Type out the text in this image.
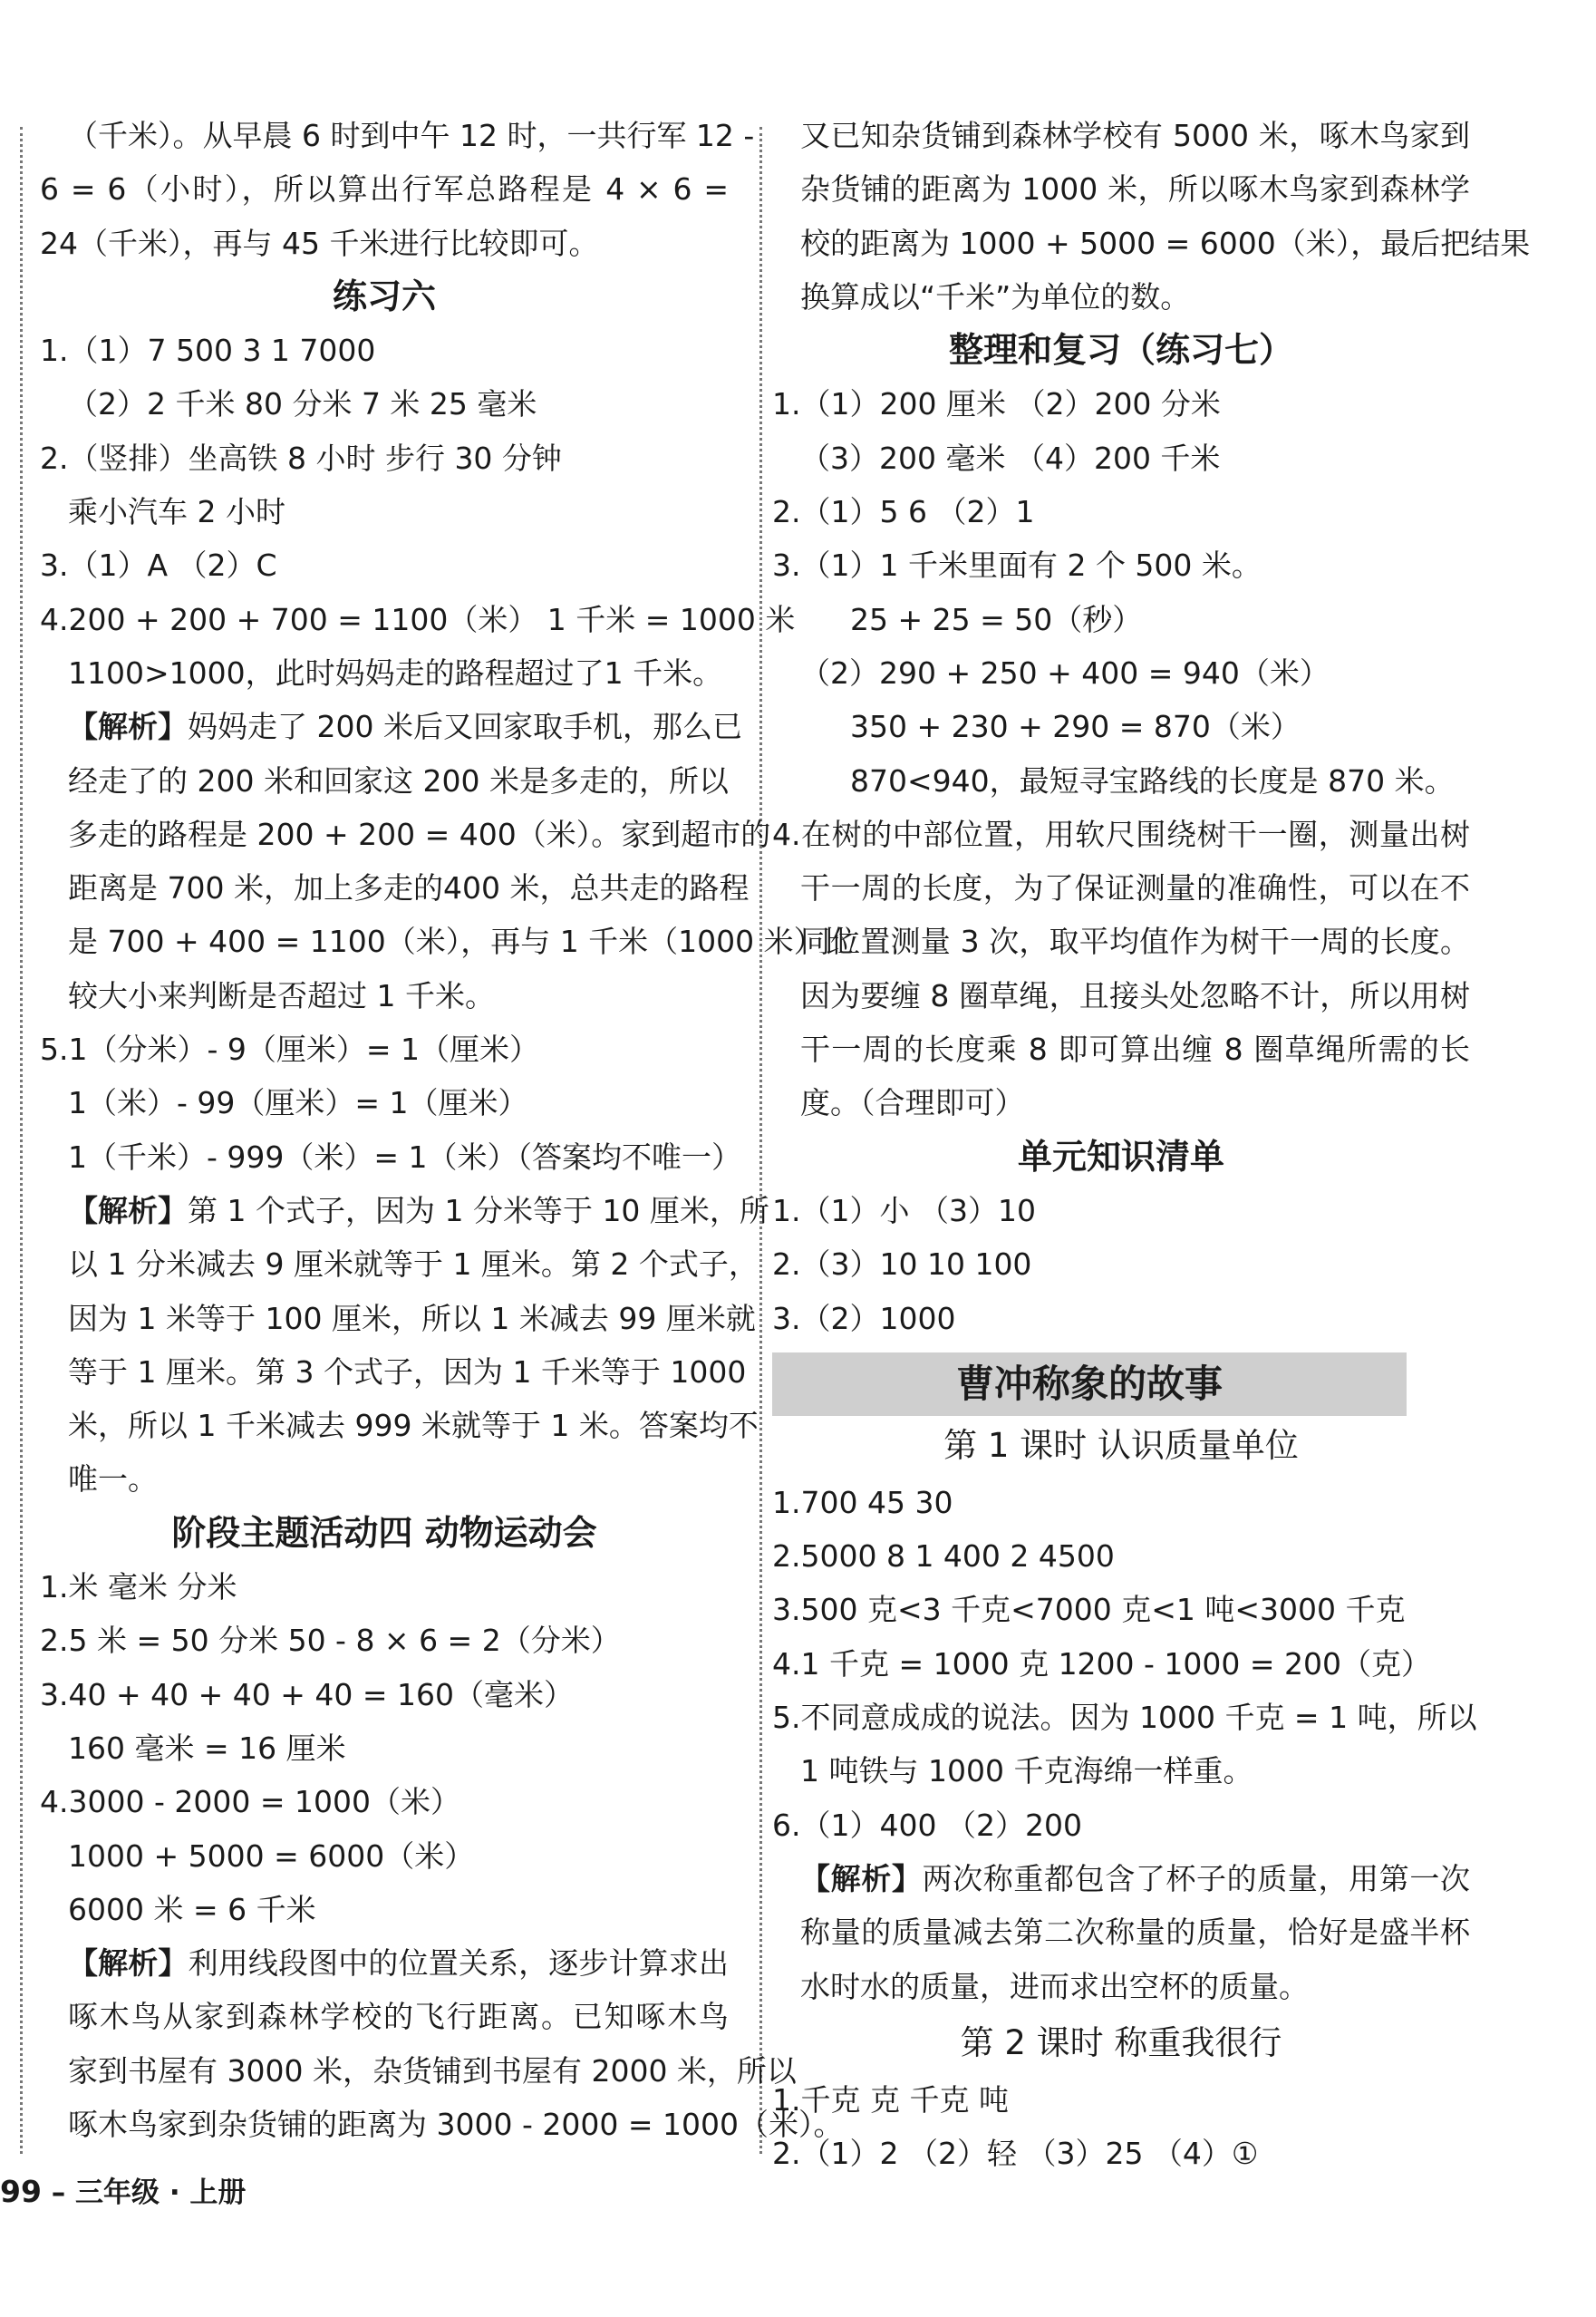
（千米）。从早晨 6 时到中午 12 时，一共行军 12 -
6 = 6（小时），所以算出行军总路程是 4 × 6 =
24（千米），再与 45 千米进行比较即可。
练习六
1.（1）7 500 3 1 7000
（2）2 千米 80 分米 7 米 25 毫米
2.（竖排）坐高铁 8 小时 步行 30 分钟
乘小汽车 2 小时
3.（1）A （2）C
4.200 + 200 + 700 = 1100（米） 1 千米 = 1000 米
1100>1000，此时妈妈走的路程超过了1 千米。
【解析】妈妈走了 200 米后又回家取手机，那么已
经走了的 200 米和回家这 200 米是多走的，所以
多走的路程是 200 + 200 = 400（米）。家到超市的
距离是 700 米，加上多走的400 米，总共走的路程
是 700 + 400 = 1100（米），再与 1 千米（1000 米）比
较大小来判断是否超过 1 千米。
5.1（分米）- 9（厘米）= 1（厘米）
1（米）- 99（厘米）= 1（厘米）
1（千米）- 999（米）= 1（米）（答案均不唯一）
【解析】第 1 个式子，因为 1 分米等于 10 厘米，所
以 1 分米减去 9 厘米就等于 1 厘米。第 2 个式子，
因为 1 米等于 100 厘米，所以 1 米减去 99 厘米就
等于 1 厘米。第 3 个式子，因为 1 千米等于 1000
米，所以 1 千米减去 999 米就等于 1 米。答案均不
唯一。
阶段主题活动四 动物运动会
1.米 毫米 分米
2.5 米 = 50 分米 50 - 8 × 6 = 2（分米）
3.40 + 40 + 40 + 40 = 160（毫米）
160 毫米 = 16 厘米
4.3000 - 2000 = 1000（米）
1000 + 5000 = 6000（米）
6000 米 = 6 千米
【解析】利用线段图中的位置关系，逐步计算求出
啄木鸟从家到森林学校的飞行距离。已知啄木鸟
家到书屋有 3000 米，杂货铺到书屋有 2000 米，所以
啄木鸟家到杂货铺的距离为 3000 - 2000 = 1000（米）。
又已知杂货铺到森林学校有 5000 米，啄木鸟家到
杂货铺的距离为 1000 米，所以啄木鸟家到森林学
校的距离为 1000 + 5000 = 6000（米），最后把结果
换算成以“千米”为单位的数。
整理和复习（练习七）
1.（1）200 厘米 （2）200 分米
（3）200 毫米 （4）200 千米
2.（1）5 6 （2）1
3.（1）1 千米里面有 2 个 500 米。
25 + 25 = 50（秒）
（2）290 + 250 + 400 = 940（米）
350 + 230 + 290 = 870（米）
870<940，最短寻宝路线的长度是 870 米。
4.在树的中部位置，用软尺围绕树干一圈，测量出树
干一周的长度，为了保证测量的准确性，可以在不
同位置测量 3 次，取平均值作为树干一周的长度。
因为要缠 8 圈草绳，且接头处忽略不计，所以用树
干一周的长度乘 8 即可算出缠 8 圈草绳所需的长
度。（合理即可）
单元知识清单
1.（1）小 （3）10
2.（3）10 10 100
3.（2）1000
曹冲称象的故事
第 1 课时 认识质量单位
1.700 45 30
2.5000 8 1 400 2 4500
3.500 克<3 千克<7000 克<1 吨<3000 千克
4.1 千克 = 1000 克 1200 - 1000 = 200（克）
5.不同意成成的说法。因为 1000 千克 = 1 吨，所以
1 吨铁与 1000 千克海绵一样重。
6.（1）400 （2）200
【解析】两次称重都包含了杯子的质量，用第一次
称量的质量减去第二次称量的质量，恰好是盛半杯
水时水的质量，进而求出空杯的质量。
第 2 课时 称重我很行
1.千克 克 千克 吨
2.（1）2 （2）轻 （3）25 （4）①
99 – 三年级 · 上册
